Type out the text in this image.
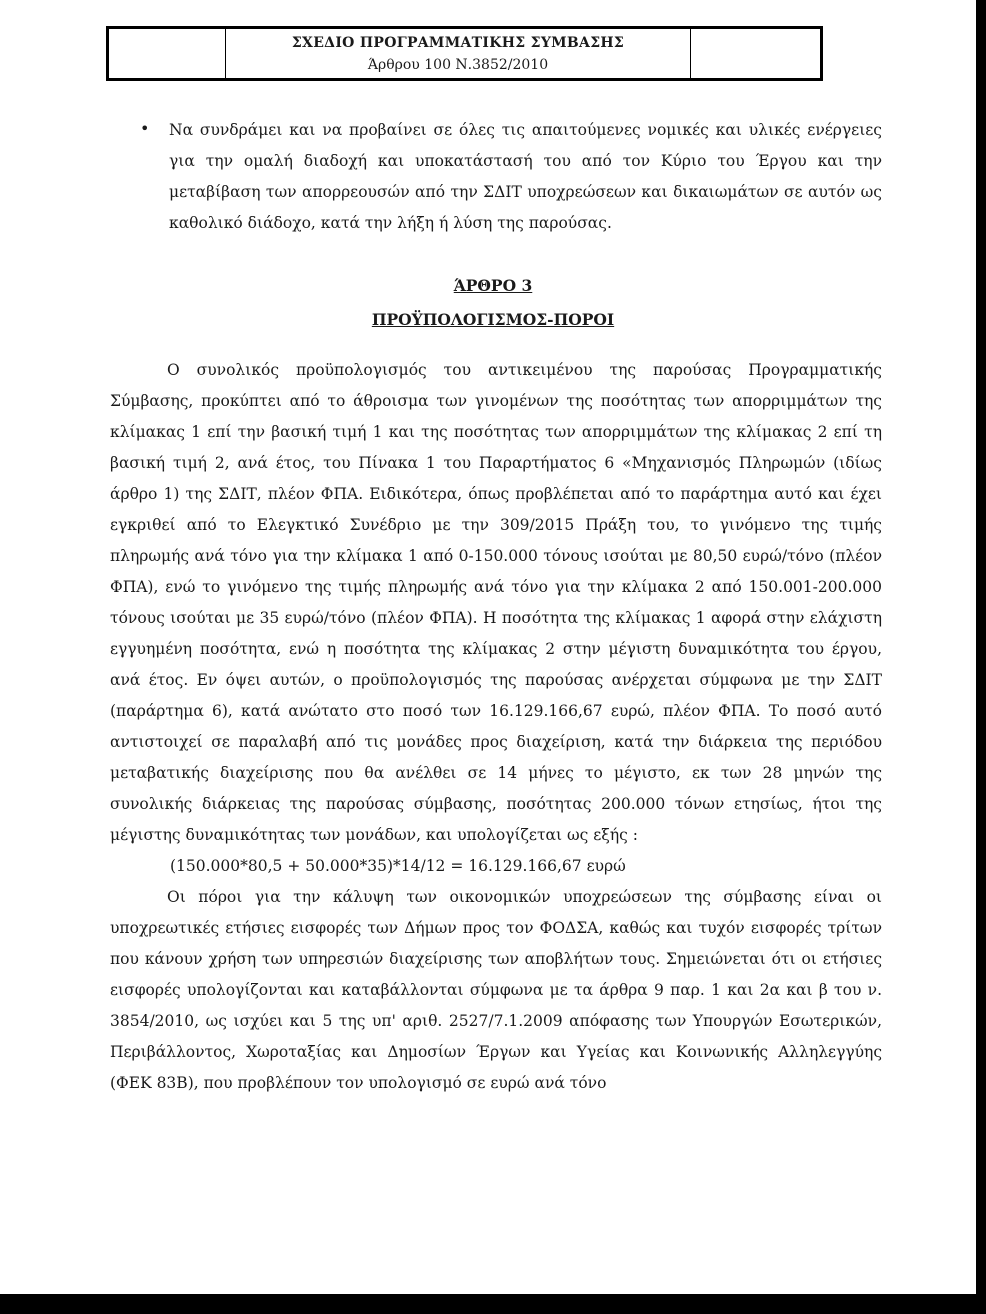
ΣΧΕΔΙΟ ΠΡΟΓΡΑΜΜΑΤΙΚΗΣ ΣΥΜΒΑΣΗΣ
Άρθρου 100 Ν.3852/2010
• Να συνδράμει και να προβαίνει σε όλες τις απαιτούμενες νομικές και υλικές ενέργειες για την ομαλή διαδοχή και υποκατάστασή του από τον Κύριο του Έργου και την μεταβίβαση των απορρεουσών από την ΣΔΙΤ υποχρεώσεων και δικαιωμάτων σε αυτόν ως καθολικό διάδοχο, κατά την λήξη ή λύση της παρούσας.
ΆΡΘΡΟ 3
ΠΡΟΫΠΟΛΟΓΙΣΜΟΣ-ΠΟΡΟΙ

Ο συνολικός προϋπολογισμός του αντικειμένου της παρούσας Προγραμματικής Σύμβασης, προκύπτει από το άθροισμα των γινομένων της ποσότητας των απορριμμάτων της κλίμακας 1 επί την βασική τιμή 1 και της ποσότητας των απορριμμάτων της κλίμακας 2 επί τη βασική τιμή 2, ανά έτος, του Πίνακα 1 του Παραρτήματος 6 «Μηχανισμός Πληρωμών (ιδίως άρθρο 1) της ΣΔΙΤ, πλέον ΦΠΑ. Ειδικότερα, όπως προβλέπεται από το παράρτημα αυτό και έχει εγκριθεί από το Ελεγκτικό Συνέδριο με την 309/2015 Πράξη του, το γινόμενο της τιμής πληρωμής ανά τόνο για την κλίμακα 1 από 0-150.000 τόνους ισούται με 80,50 ευρώ/τόνο (πλέον ΦΠΑ), ενώ το γινόμενο της τιμής πληρωμής ανά τόνο για την κλίμακα 2 από 150.001-200.000 τόνους ισούται με 35 ευρώ/τόνο (πλέον ΦΠΑ). Η ποσότητα της κλίμακας 1 αφορά στην ελάχιστη εγγυημένη ποσότητα, ενώ η ποσότητα της κλίμακας 2 στην μέγιστη δυναμικότητα του έργου, ανά έτος. Εν όψει αυτών, ο προϋπολογισμός της παρούσας ανέρχεται σύμφωνα με την ΣΔΙΤ (παράρτημα 6), κατά ανώτατο στο ποσό των 16.129.166,67 ευρώ, πλέον ΦΠΑ. Το ποσό αυτό αντιστοιχεί σε παραλαβή από τις μονάδες προς διαχείριση, κατά την διάρκεια της περιόδου μεταβατικής διαχείρισης που θα ανέλθει σε 14 μήνες το μέγιστο, εκ των 28 μηνών της συνολικής διάρκειας της παρούσας σύμβασης, ποσότητας 200.000 τόνων ετησίως, ήτοι της μέγιστης δυναμικότητας των μονάδων, και υπολογίζεται ως εξής :

(150.000*80,5 + 50.000*35)*14/12 = 16.129.166,67 ευρώ

Οι πόροι για την κάλυψη των οικονομικών υποχρεώσεων της σύμβασης είναι οι υποχρεωτικές ετήσιες εισφορές των Δήμων προς τον ΦΟΔΣΑ, καθώς και τυχόν εισφορές τρίτων που κάνουν χρήση των υπηρεσιών διαχείρισης των αποβλήτων τους. Σημειώνεται ότι οι ετήσιες εισφορές υπολογίζονται και καταβάλλονται σύμφωνα με τα άρθρα 9 παρ. 1 και 2α και β του ν. 3854/2010, ως ισχύει και 5 της υπ' αριθ. 2527/7.1.2009 απόφασης των Υπουργών Εσωτερικών, Περιβάλλοντος, Χωροταξίας και Δημοσίων Έργων και Υγείας και Κοινωνικής Αλληλεγγύης (ΦΕΚ 83Β), που προβλέπουν τον υπολογισμό σε ευρώ ανά τόνο
